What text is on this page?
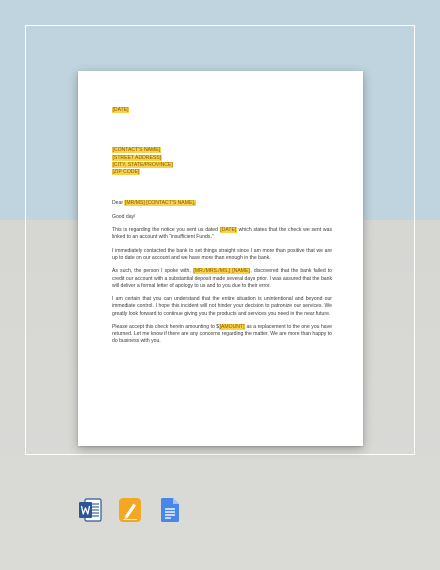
[DATE]

[CONTACT'S NAME]
[STREET ADDRESS]
[CITY, STATE/PROVINCE]
[ZIP CODE]

Dear [MR/MS] [CONTACT'S NAME],

Good day!

This is regarding the notice you sent us dated [DATE] which states that the check we sent was linked to an account with “insufficient Funds.”

I immediately contacted the bank to set things straight since I am more than positive that we are up to date on our account and we have more than enough in the bank.

As such, the person I spoke with, [MR./MRS./MS.] [NAME], discovered that the bank failed to credit our account with a substantial deposit made several days prior. I was assured that the bank will deliver a formal letter of apology to us and to you due to their error.

I am certain that you can understand that the entire situation is unintentional and beyond our immediate control. I hope this incident will not hinder your decision to patronize our services. We greatly look forward to continue giving you the products and services you need in the near future.

Please accept this check herein amounting to $[AMOUNT] as a replacement to the one you have returned. Let me know if there are any concerns regarding the matter. We are more than happy to do business with you.
